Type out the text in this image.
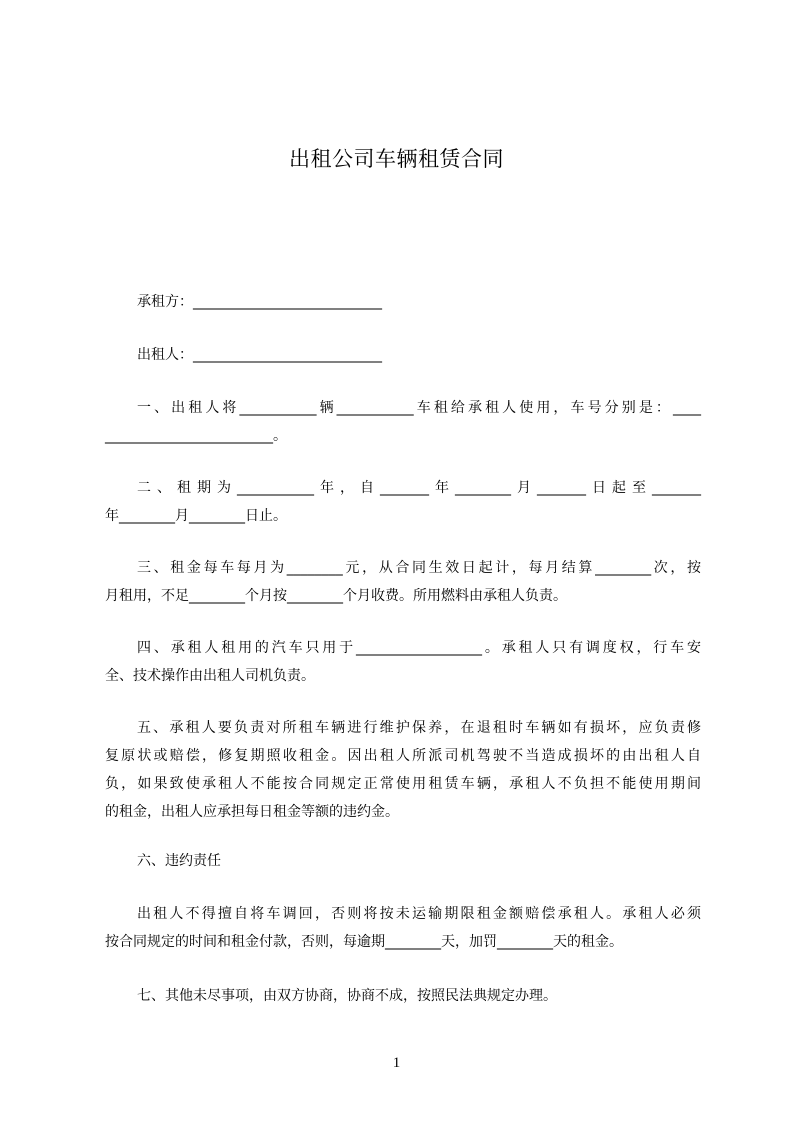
出租公司车辆租赁合同
承租方：___________________________
出租人：___________________________
一、出租人将___________辆___________车租给承租人使用，车号分别是：____
________________________。
二、租期为___________年，自_______年________月_______日起至_______
年________月________日止。
三、租金每车每月为________元，从合同生效日起计，每月结算________次，按
月租用，不足________个月按________个月收费。所用燃料由承租人负责。
四、承租人租用的汽车只用于__________________。承租人只有调度权，行车安
全、技术操作由出租人司机负责。
五、承租人要负责对所租车辆进行维护保养，在退租时车辆如有损坏，应负责修
复原状或赔偿，修复期照收租金。因出租人所派司机驾驶不当造成损坏的由出租人自
负，如果致使承租人不能按合同规定正常使用租赁车辆，承租人不负担不能使用期间
的租金，出租人应承担每日租金等额的违约金。
六、违约责任
出租人不得擅自将车调回，否则将按未运输期限租金额赔偿承租人。承租人必须
按合同规定的时间和租金付款，否则，每逾期________天，加罚________天的租金。
七、其他未尽事项，由双方协商，协商不成，按照民法典规定办理。
1
